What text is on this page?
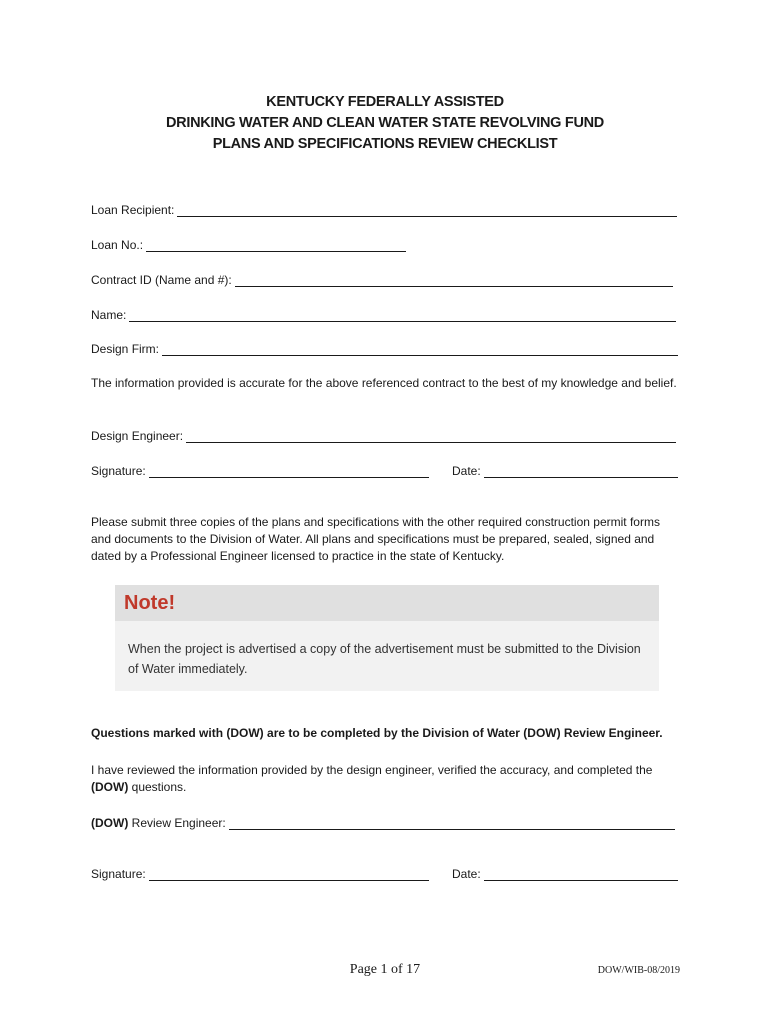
KENTUCKY FEDERALLY ASSISTED
DRINKING WATER AND CLEAN WATER STATE REVOLVING FUND
PLANS AND SPECIFICATIONS REVIEW CHECKLIST
Loan Recipient:
Loan No.:
Contract ID (Name and #):
Name:
Design Firm:
The information provided is accurate for the above referenced contract to the best of my knowledge and belief.
Design Engineer:
Signature:	Date:
Please submit three copies of the plans and specifications with the other required construction permit forms and documents to the Division of Water. All plans and specifications must be prepared, sealed, signed and dated by a Professional Engineer licensed to practice in the state of Kentucky.
Note!
When the project is advertised a copy of the advertisement must be submitted to the Division of Water immediately.
Questions marked with (DOW) are to be completed by the Division of Water (DOW) Review Engineer.
I have reviewed the information provided by the design engineer, verified the accuracy, and completed the (DOW) questions.
(DOW) Review Engineer:
Signature:	Date:
Page 1 of 17	DOW/WIB-08/2019
